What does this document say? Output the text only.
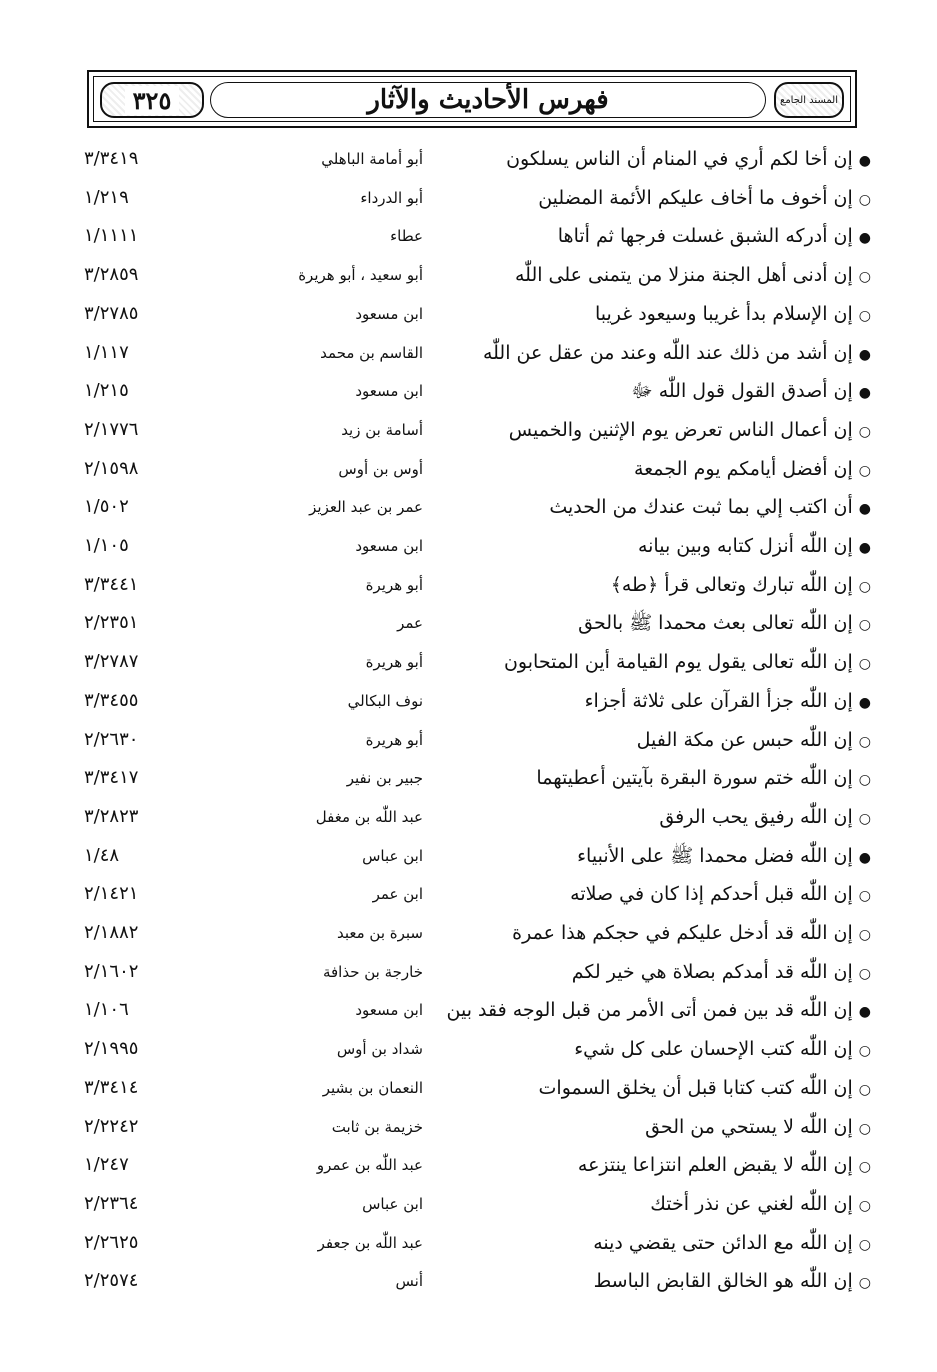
المسند الجامع
فهرس الأحاديث والآثار
٣٢٥
●إن أخا لكم أري في المنام أن الناس يسلكون
أبو أمامة الباهلي
٣/٣٤١٩
○إن أخوف ما أخاف عليكم الأئمة المضلين
أبو الدرداء
١/٢١٩
●إن أدركه الشبق غسلت فرجها ثم أتاها
عطاء
١/١١١١
○إن أدنى أهل الجنة منزلا من يتمنى على اللّٰه
أبو سعيد ، أبو هريرة
٣/٢٨٥٩
○إن الإسلام بدأ غريبا وسيعود غريبا
ابن مسعود
٣/٢٧٨٥
●إن أشد من ذلك عند اللّٰه وعند من عقل عن اللّٰه
القاسم بن محمد
١/١١٧
●إن أصدق القول قول اللّٰه ﷻ
ابن مسعود
١/٢١٥
○إن أعمال الناس تعرض يوم الإثنين والخميس
أسامة بن زيد
٢/١٧٧٦
○إن أفضل أيامكم يوم الجمعة
أوس بن أوس
٢/١٥٩٨
●أن اكتب إلي بما ثبت عندك من الحديث
عمر بن عبد العزيز
١/٥٠٢
●إن اللّٰه أنزل كتابه وبين بيانه
ابن مسعود
١/١٠٥
○إن اللّٰه تبارك وتعالى قرأ ﴿طه﴾
أبو هريرة
٣/٣٤٤١
○إن اللّٰه تعالى بعث محمدا ﷺ بالحق
عمر
٢/٢٣٥١
○إن اللّٰه تعالى يقول يوم القيامة أين المتحابون
أبو هريرة
٣/٢٧٨٧
●إن اللّٰه جزأ القرآن على ثلاثة أجزاء
نوف البكالي
٣/٣٤٥٥
○إن اللّٰه حبس عن مكة الفيل
أبو هريرة
٢/٢٦٣٠
○إن اللّٰه ختم سورة البقرة بآيتين أعطيتهما
جبير بن نفير
٣/٣٤١٧
○إن اللّٰه رفيق يحب الرفق
عبد اللّٰه بن مغفل
٣/٢٨٢٣
●إن اللّٰه فضل محمدا ﷺ على الأنبياء
ابن عباس
١/٤٨
○إن اللّٰه قبل أحدكم إذا كان في صلاته
ابن عمر
٢/١٤٢١
○إن اللّٰه قد أدخل عليكم في حجكم هذا عمرة
سبرة بن معبد
٢/١٨٨٢
○إن اللّٰه قد أمدكم بصلاة هي خير لكم
خارجة بن حذافة
٢/١٦٠٢
●إن اللّٰه قد بين فمن أتى الأمر من قبل الوجه فقد بين
ابن مسعود
١/١٠٦
○إن اللّٰه كتب الإحسان على كل شيء
شداد بن أوس
٢/١٩٩٥
○إن اللّٰه كتب كتابا قبل أن يخلق السموات
النعمان بن بشير
٣/٣٤١٤
○إن اللّٰه لا يستحي من الحق
خزيمة بن ثابت
٢/٢٢٤٢
○إن اللّٰه لا يقبض العلم انتزاعا ينتزعه
عبد اللّٰه بن عمرو
١/٢٤٧
○إن اللّٰه لغني عن نذر أختك
ابن عباس
٢/٢٣٦٤
○إن اللّٰه مع الدائن حتى يقضي دينه
عبد اللّٰه بن جعفر
٢/٢٦٢٥
○إن اللّٰه هو الخالق القابض الباسط
أنس
٢/٢٥٧٤
